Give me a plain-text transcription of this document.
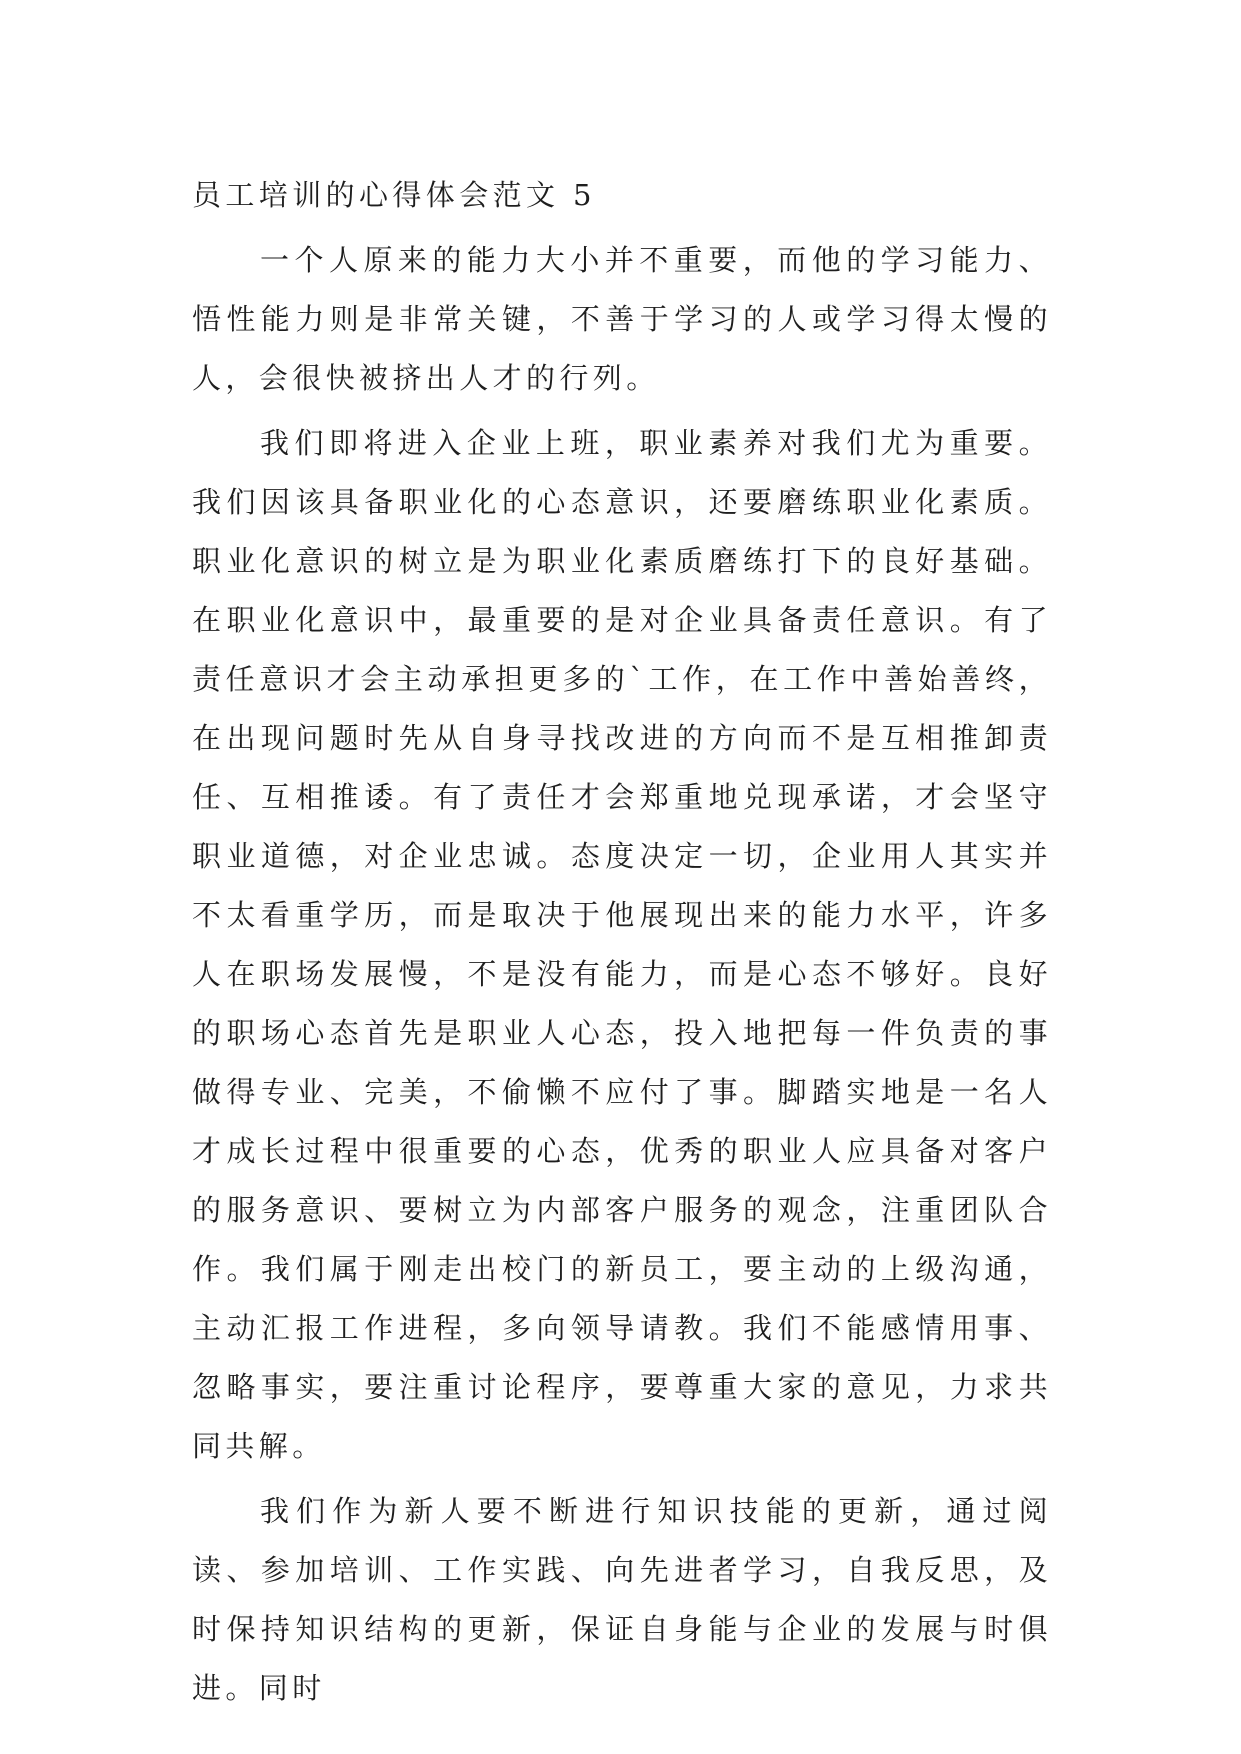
员工培训的心得体会范文 5

一个人原来的能力大小并不重要，而他的学习能力、悟性能力则是非常关键，不善于学习的人或学习得太慢的人，会很快被挤出人才的行列。

我们即将进入企业上班，职业素养对我们尤为重要。我们因该具备职业化的心态意识，还要磨练职业化素质。职业化意识的树立是为职业化素质磨练打下的良好基础。在职业化意识中，最重要的是对企业具备责任意识。有了责任意识才会主动承担更多的`工作，在工作中善始善终，在出现问题时先从自身寻找改进的方向而不是互相推卸责任、互相推诿。有了责任才会郑重地兑现承诺，才会坚守职业道德，对企业忠诚。态度决定一切，企业用人其实并不太看重学历，而是取决于他展现出来的能力水平，许多人在职场发展慢，不是没有能力，而是心态不够好。良好的职场心态首先是职业人心态，投入地把每一件负责的事做得专业、完美，不偷懒不应付了事。脚踏实地是一名人才成长过程中很重要的心态，优秀的职业人应具备对客户的服务意识、要树立为内部客户服务的观念，注重团队合作。我们属于刚走出校门的新员工，要主动的上级沟通，主动汇报工作进程，多向领导请教。我们不能感情用事、忽略事实，要注重讨论程序，要尊重大家的意见，力求共同共解。

我们作为新人要不断进行知识技能的更新，通过阅读、参加培训、工作实践、向先进者学习，自我反思，及时保持知识结构的更新，保证自身能与企业的发展与时俱进。同时
